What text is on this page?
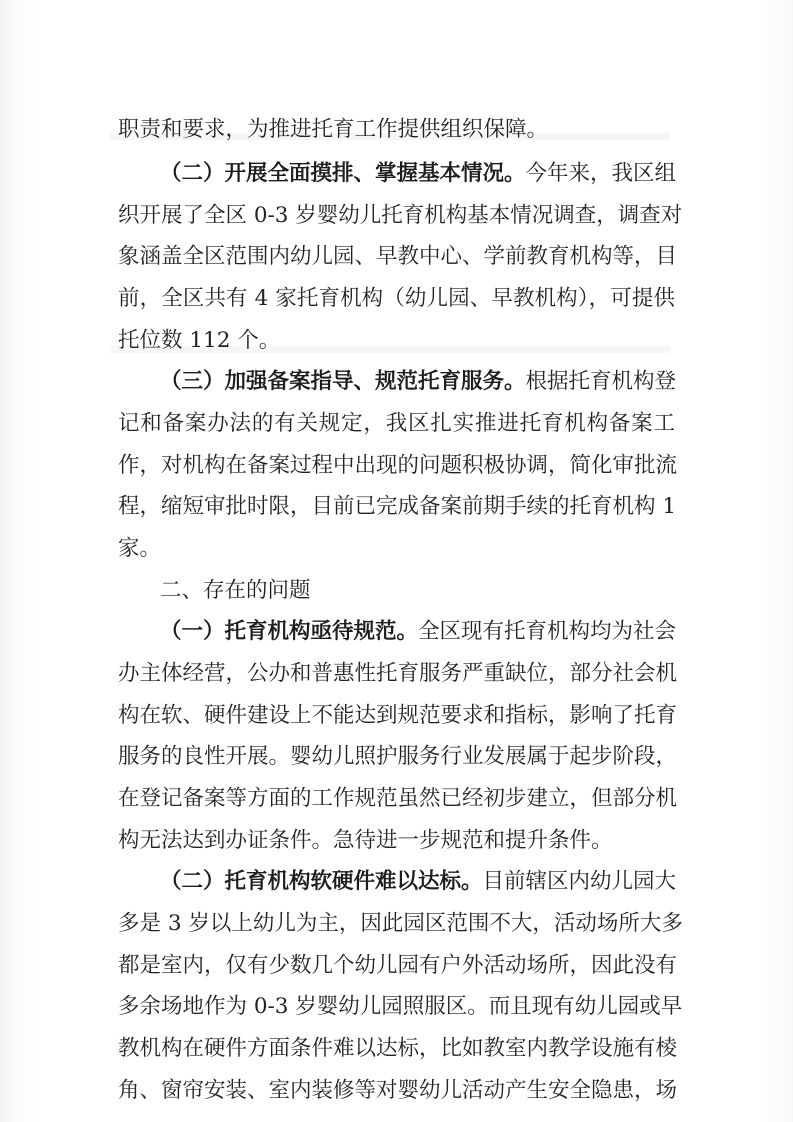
职责和要求，为推进托育工作提供组织保障。
（二）开展全面摸排、掌握基本情况。今年来，我区组
织开展了全区 0-3 岁婴幼儿托育机构基本情况调查，调查对
象涵盖全区范围内幼儿园、早教中心、学前教育机构等，目
前，全区共有 4 家托育机构（幼儿园、早教机构），可提供
托位数 112 个。
（三）加强备案指导、规范托育服务。根据托育机构登
记和备案办法的有关规定，我区扎实推进托育机构备案工
作，对机构在备案过程中出现的问题积极协调，简化审批流
程，缩短审批时限，目前已完成备案前期手续的托育机构 1
家。
二、存在的问题
（一）托育机构亟待规范。全区现有托育机构均为社会
办主体经营，公办和普惠性托育服务严重缺位，部分社会机
构在软、硬件建设上不能达到规范要求和指标，影响了托育
服务的良性开展。婴幼儿照护服务行业发展属于起步阶段，
在登记备案等方面的工作规范虽然已经初步建立，但部分机
构无法达到办证条件。急待进一步规范和提升条件。
（二）托育机构软硬件难以达标。目前辖区内幼儿园大
多是 3 岁以上幼儿为主，因此园区范围不大，活动场所大多
都是室内，仅有少数几个幼儿园有户外活动场所，因此没有
多余场地作为 0-3 岁婴幼儿园照服区。而且现有幼儿园或早
教机构在硬件方面条件难以达标，比如教室内教学设施有棱
角、窗帘安装、室内装修等对婴幼儿活动产生安全隐患，场
